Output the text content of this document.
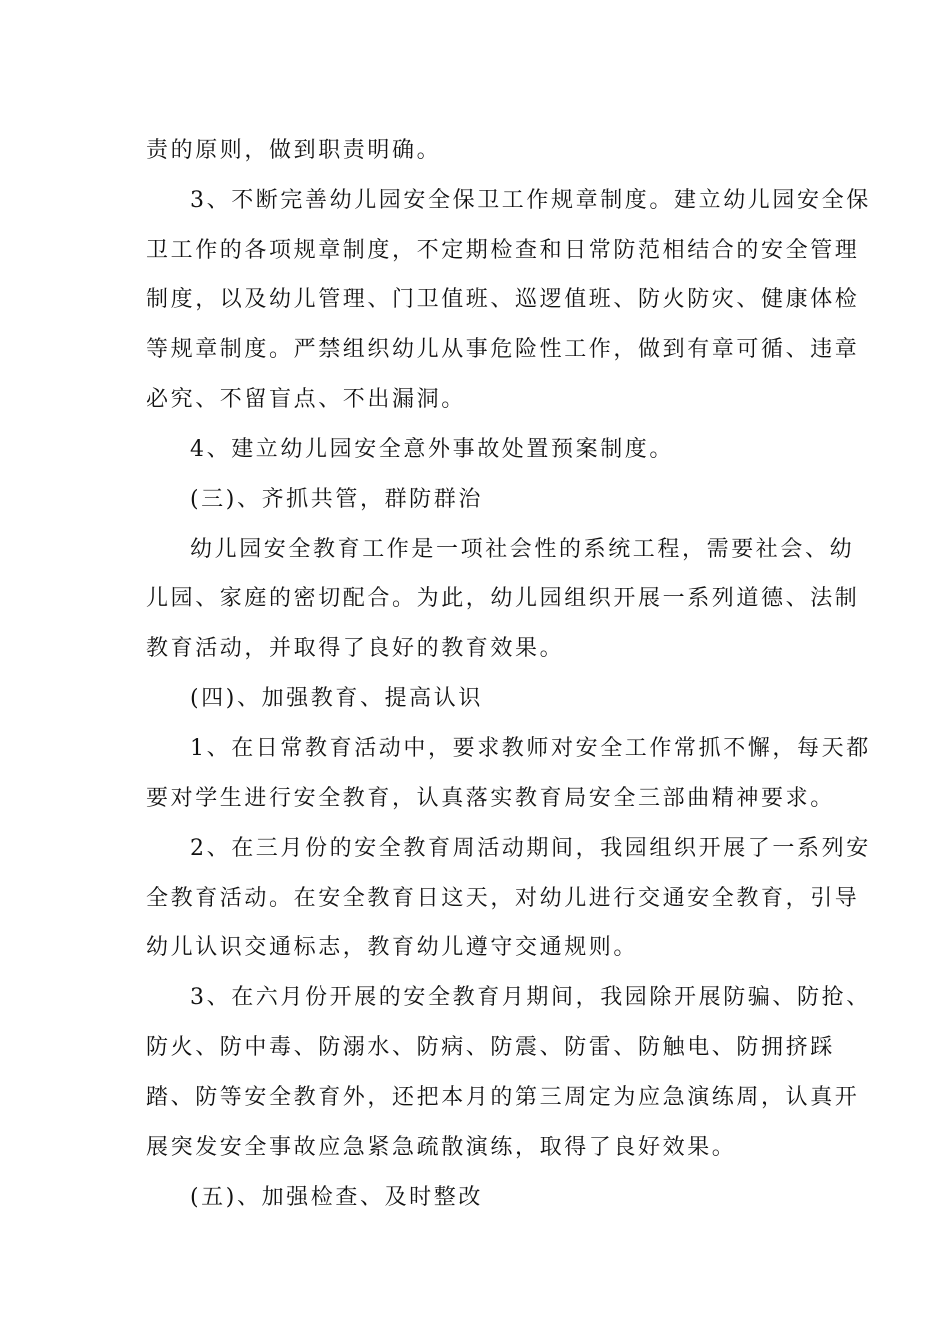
责的原则，做到职责明确。
3、不断完善幼儿园安全保卫工作规章制度。建立幼儿园安全保
卫工作的各项规章制度，不定期检查和日常防范相结合的安全管理
制度，以及幼儿管理、门卫值班、巡逻值班、防火防灾、健康体检
等规章制度。严禁组织幼儿从事危险性工作，做到有章可循、违章
必究、不留盲点、不出漏洞。
4、建立幼儿园安全意外事故处置预案制度。
(三)、齐抓共管，群防群治
幼儿园安全教育工作是一项社会性的系统工程，需要社会、幼
儿园、家庭的密切配合。为此，幼儿园组织开展一系列道德、法制
教育活动，并取得了良好的教育效果。
(四)、加强教育、提高认识
1、在日常教育活动中，要求教师对安全工作常抓不懈，每天都
要对学生进行安全教育，认真落实教育局安全三部曲精神要求。
2、在三月份的安全教育周活动期间，我园组织开展了一系列安
全教育活动。在安全教育日这天，对幼儿进行交通安全教育，引导
幼儿认识交通标志，教育幼儿遵守交通规则。
3、在六月份开展的安全教育月期间，我园除开展防骗、防抢、
防火、防中毒、防溺水、防病、防震、防雷、防触电、防拥挤踩
踏、防等安全教育外，还把本月的第三周定为应急演练周，认真开
展突发安全事故应急紧急疏散演练，取得了良好效果。
(五)、加强检查、及时整改
